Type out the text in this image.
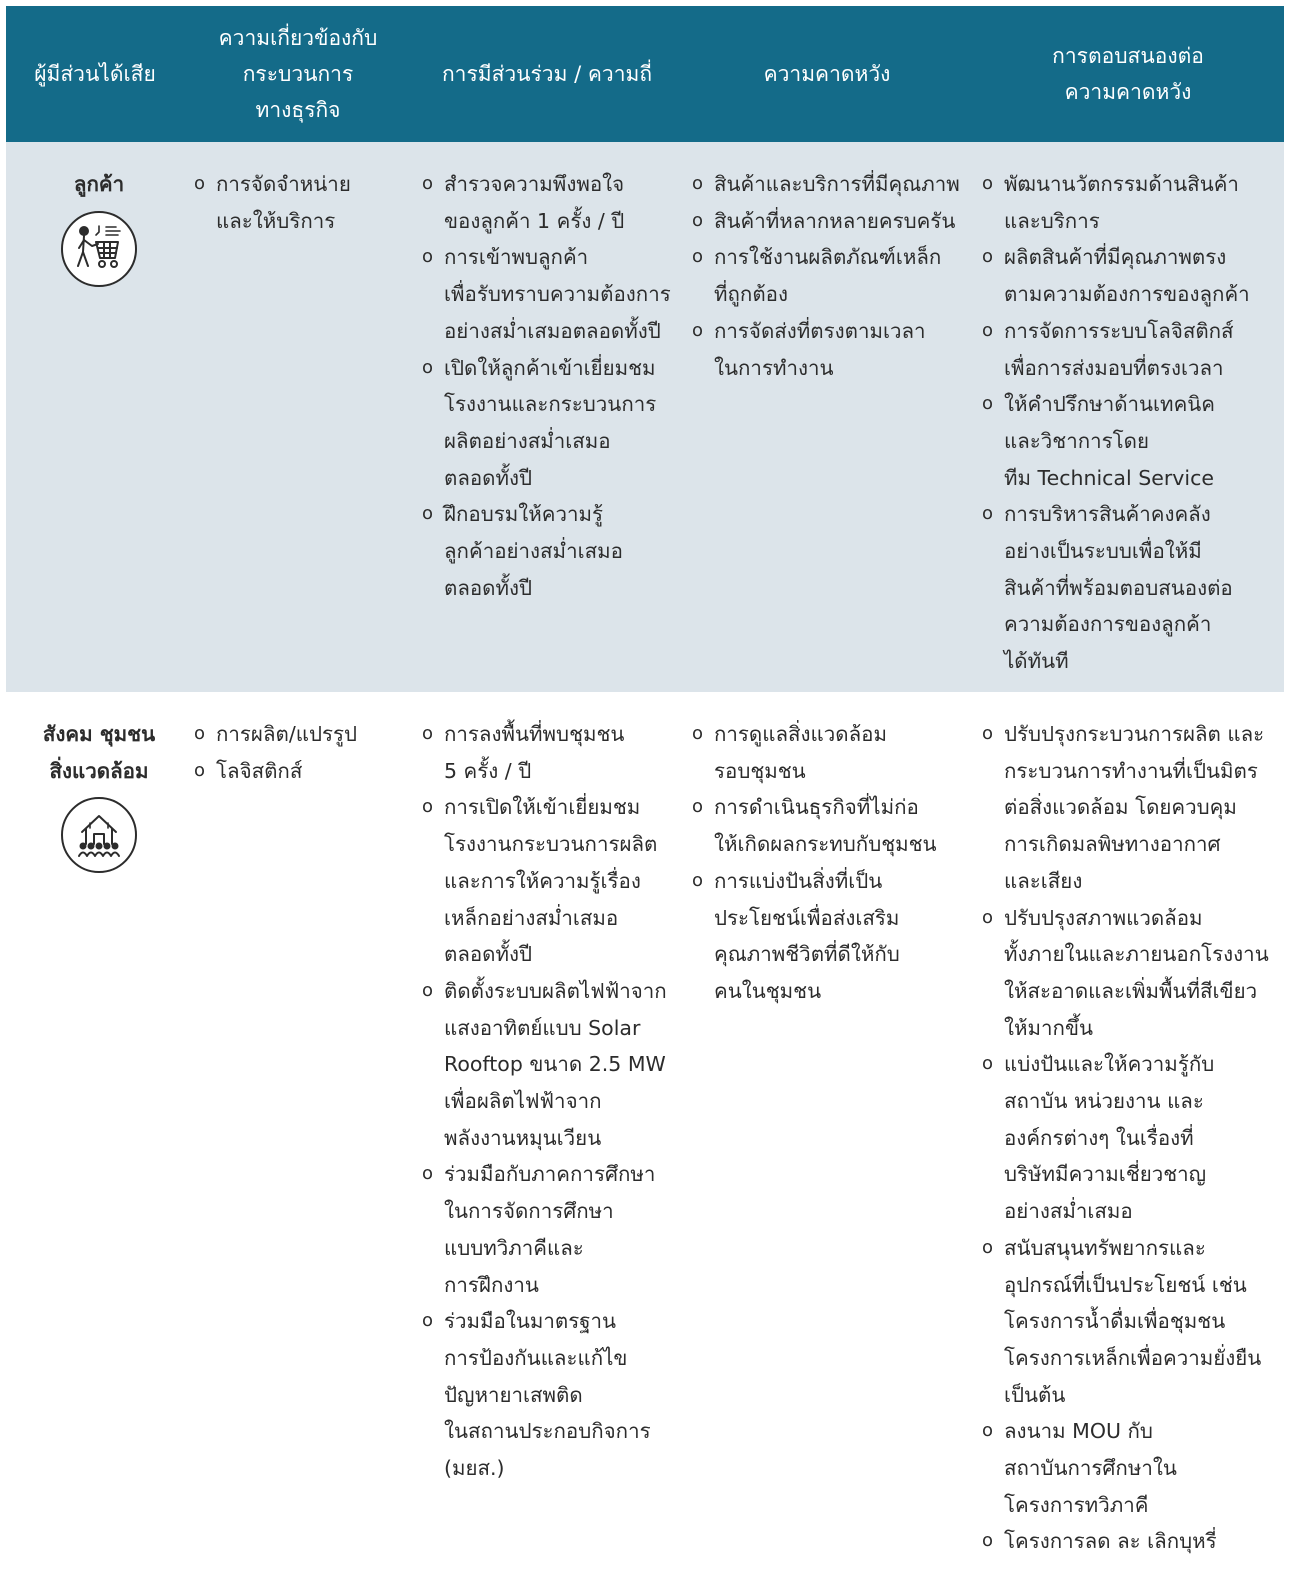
ผู้มีส่วนได้เสีย
ความเกี่ยวข้องกับ
กระบวนการ
ทางธุรกิจ
การมีส่วนร่วม / ความถี่	ความคาดหวัง
การตอบสนองต่อ
ความคาดหวัง
ลูกค้า	o การจัดจำหน่าย
และให้บริการ
o สำรวจความพึงพอใจ
ของลูกค้า 1 ครั้ง / ปี
o การเข้าพบลูกค้า
เพื่อรับทราบความต้องการ
อย่างสม่ำเสมอตลอดทั้งปี
o เปิดให้ลูกค้าเข้าเยี่ยมชม
โรงงานและกระบวนการ
ผลิตอย่างสม่ำเสมอ
ตลอดทั้งปี
o ฝึกอบรมให้ความรู้
ลูกค้าอย่างสม่ำเสมอ
ตลอดทั้งปี
o สินค้าและบริการที่มีคุณภาพ
o สินค้าที่หลากหลายครบครัน
o การใช้งานผลิตภัณฑ์เหล็ก
ที่ถูกต้อง
o การจัดส่งที่ตรงตามเวลา
ในการทำงาน
o พัฒนานวัตกรรมด้านสินค้า
และบริการ
o ผลิตสินค้าที่มีคุณภาพตรง
ตามความต้องการของลูกค้า
o การจัดการระบบโลจิสติกส์
เพื่อการส่งมอบที่ตรงเวลา
o ให้คำปรึกษาด้านเทคนิค
และวิชาการโดย
ทีม Technical Service
o การบริหารสินค้าคงคลัง
อย่างเป็นระบบเพื่อให้มี
สินค้าที่พร้อมตอบสนองต่อ
ความต้องการของลูกค้า
ได้ทันที
สังคม ชุมชน
สิ่งแวดล้อม
o การผลิต/แปรรูป
o โลจิสติกส์
o การลงพื้นที่พบชุมชน
5 ครั้ง / ปี
o การเปิดให้เข้าเยี่ยมชม
โรงงานกระบวนการผลิต
และการให้ความรู้เรื่อง
เหล็กอย่างสม่ำเสมอ
ตลอดทั้งปี
o ติดตั้งระบบผลิตไฟฟ้าจาก
แสงอาทิตย์แบบ Solar
Rooftop ขนาด 2.5 MW
เพื่อผลิตไฟฟ้าจาก
พลังงานหมุนเวียน
o ร่วมมือกับภาคการศึกษา
ในการจัดการศึกษา
แบบทวิภาคีและ
การฝึกงาน
o ร่วมมือในมาตรฐาน
การป้องกันและแก้ไข
ปัญหายาเสพติด
ในสถานประกอบกิจการ
(มยส.)
o การดูแลสิ่งแวดล้อม
รอบชุมชน
o การดำเนินธุรกิจที่ไม่ก่อ
ให้เกิดผลกระทบกับชุมชน
o การแบ่งปันสิ่งที่เป็น
ประโยชน์เพื่อส่งเสริม
คุณภาพชีวิตที่ดีให้กับ
คนในชุมชน
o ปรับปรุงกระบวนการผลิต และ
กระบวนการทำงานที่เป็นมิตร
ต่อสิ่งแวดล้อม โดยควบคุม
การเกิดมลพิษทางอากาศ
และเสียง
o ปรับปรุงสภาพแวดล้อม
ทั้งภายในและภายนอกโรงงาน
ให้สะอาดและเพิ่มพื้นที่สีเขียว
ให้มากขึ้น
o แบ่งปันและให้ความรู้กับ
สถาบัน หน่วยงาน และ
องค์กรต่างๆ ในเรื่องที่
บริษัทมีความเชี่ยวชาญ
อย่างสม่ำเสมอ
o สนับสนุนทรัพยากรและ
อุปกรณ์ที่เป็นประโยชน์ เช่น
โครงการน้ำดื่มเพื่อชุมชน
โครงการเหล็กเพื่อความยั่งยืน
เป็นต้น
o ลงนาม MOU กับ
สถาบันการศึกษาใน
โครงการทวิภาคี
o โครงการลด ละ เลิกบุหรี่
